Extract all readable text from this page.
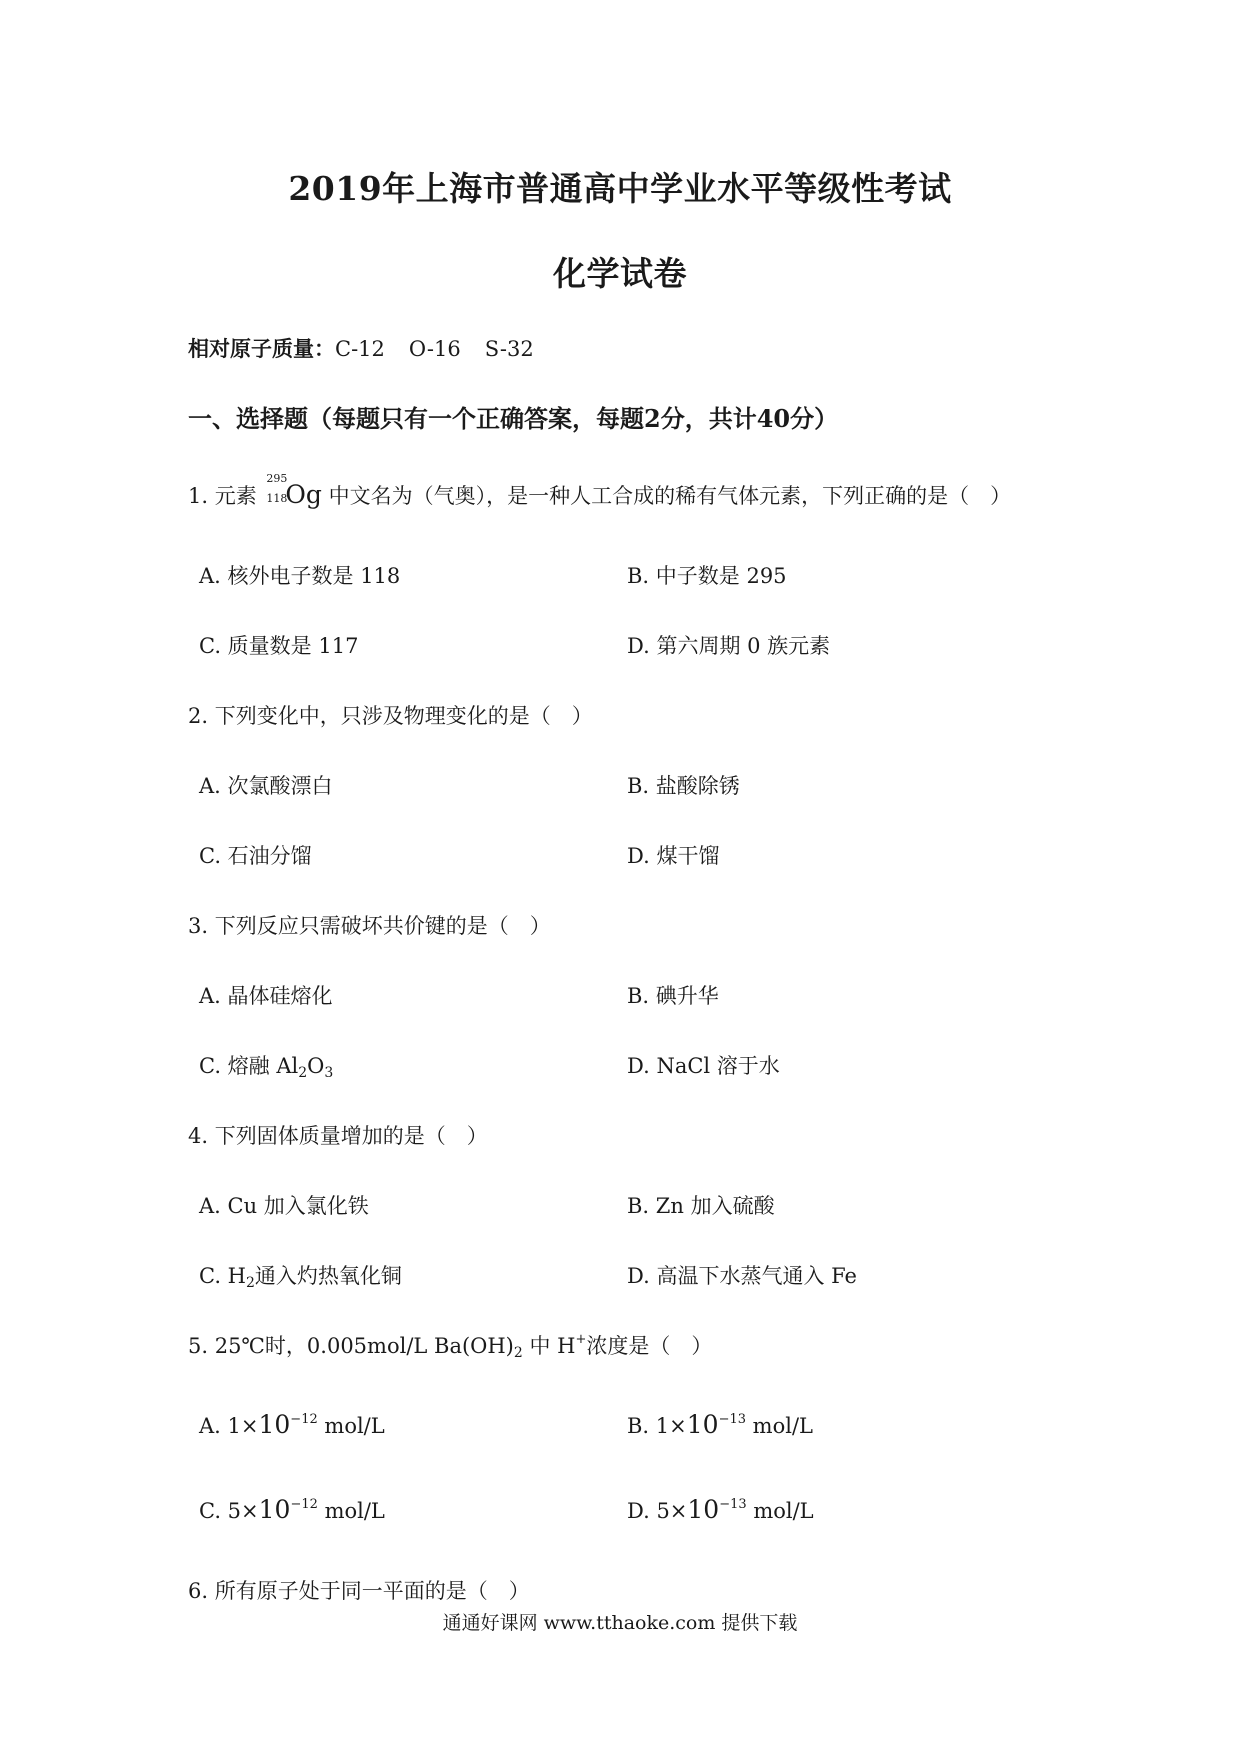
2019年上海市普通高中学业水平等级性考试
化学试卷
相对原子质量：C-12 O-16 S-32
一、选择题（每题只有一个正确答案，每题2分，共计40分）
1. 元素
295
118
Og 中文名为（气奥），是一种人工合成的稀有气体元素，下列正确的是（　）
A. 核外电子数是 118	B. 中子数是 295
C. 质量数是 117	D. 第六周期 0 族元素
2. 下列变化中，只涉及物理变化的是（　）
A. 次氯酸漂白	B. 盐酸除锈
C. 石油分馏	D. 煤干馏
3. 下列反应只需破坏共价键的是（　）
A. 晶体硅熔化	B. 碘升华
C. 熔融 $Al_2O_3$	D. NaCl 溶于水
4. 下列固体质量增加的是（　）
A. Cu 加入氯化铁	B. Zn 加入硫酸
C. $H_2$通入灼热氧化铜	D. 高温下水蒸气通入 Fe
5. 25℃时，0.005mol/L $Ba(OH)_2$ 中 H+浓度是（　）
A. $1\times 10^{-12}$ mol/L	B. $1\times 10^{-13}$ mol/L
C. $5\times 10^{-12}$ mol/L	D. $5\times 10^{-13}$ mol/L
6. 所有原子处于同一平面的是（　）
通通好课网 www.tthaoke.com 提供下载
